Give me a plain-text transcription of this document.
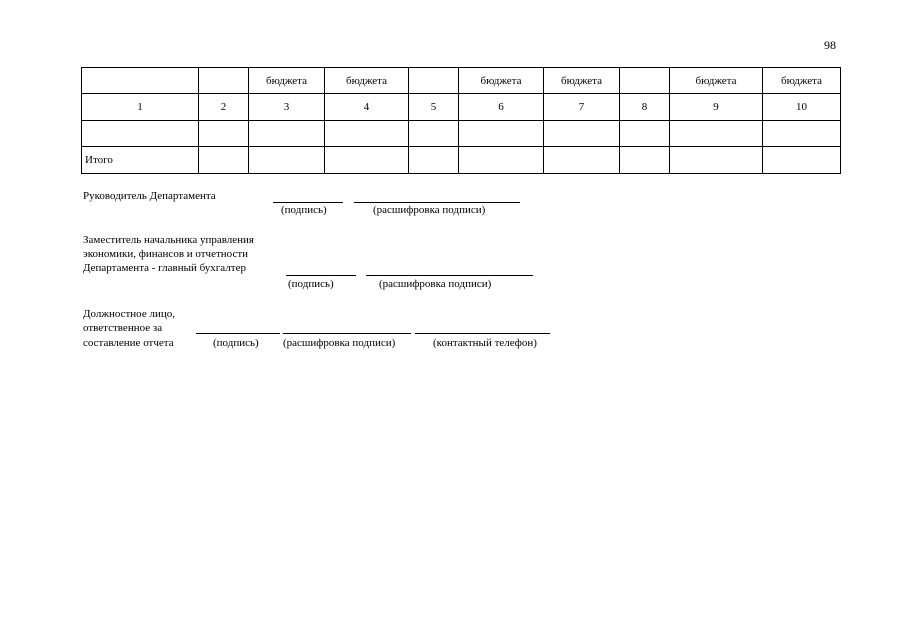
98
		бюджета	бюджета		бюджета	бюджета		бюджета	бюджета
1	2	3	4	5	6	7	8	9	10

Итого									
Руководитель Департамента
(подпись)	(расшифровка подписи)
Заместитель начальника управления
экономики, финансов и отчетности
Департамента - главный бухгалтер
(подпись)	(расшифровка подписи)
Должностное лицо,
ответственное за
составление отчета	(подпись) (расшифровка подписи)	(контактный телефон)
